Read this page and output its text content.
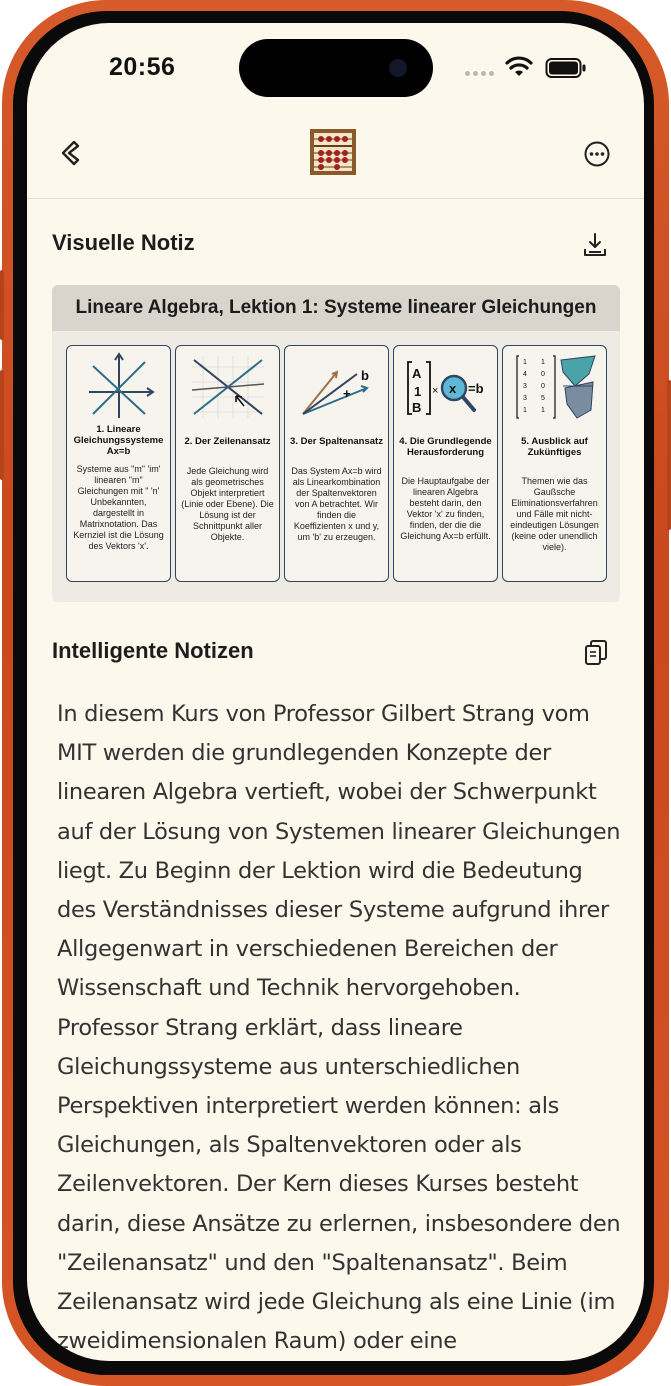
20:56
Visuelle Notiz
Lineare Algebra, Lektion 1: Systeme linearer Gleichungen
1. Lineare Gleichungssysteme Ax=b
Systeme aus "m" 'im' linearen "m" Gleichungen mit " 'n' Unbekannten, dargestellt in Matrixnotation. Das Kernziel ist die Lösung des Vektors 'x'.
2. Der Zeilenansatz
Jede Gleichung wird als geometrisches Objekt interpretiert (Linie oder Ebene). Die Lösung ist der Schnittpunkt aller Objekte.
+
b
3. Der Spaltenansatz
Das System Ax=b wird als Linearkombination der Spaltenvektoren von A betrachtet. Wir finden die Koeffizienten x und y, um 'b' zu erzeugen.
A
1
B
× x =b
4. Die Grundlegende Herausforderung
Die Hauptaufgabe der linearen Algebra besteht darin, den Vektor 'x' zu finden, finden, der die die Gleichung Ax=b erfüllt.
1 1
4 0
3 0
3 5
1 1
5. Ausblick auf Zukünftiges
Themen wie das Gaußsche Eliminationsverfahren und Fälle mit nicht-eindeutigen Lösungen (keine oder unendlich viele).
Intelligente Notizen
In diesem Kurs von Professor Gilbert Strang vom MIT werden die grundlegenden Konzepte der linearen Algebra vertieft, wobei der Schwerpunkt auf der Lösung von Systemen linearer Gleichungen liegt. Zu Beginn der Lektion wird die Bedeutung des Verständnisses dieser Systeme aufgrund ihrer Allgegenwart in verschiedenen Bereichen der Wissenschaft und Technik hervorgehoben. Professor Strang erklärt, dass lineare Gleichungssysteme aus unterschiedlichen Perspektiven interpretiert werden können: als Gleichungen, als Spaltenvektoren oder als Zeilenvektoren. Der Kern dieses Kurses besteht darin, diese Ansätze zu erlernen, insbesondere den "Zeilenansatz" und den "Spaltenansatz". Beim Zeilenansatz wird jede Gleichung als eine Linie (im zweidimensionalen Raum) oder eine
